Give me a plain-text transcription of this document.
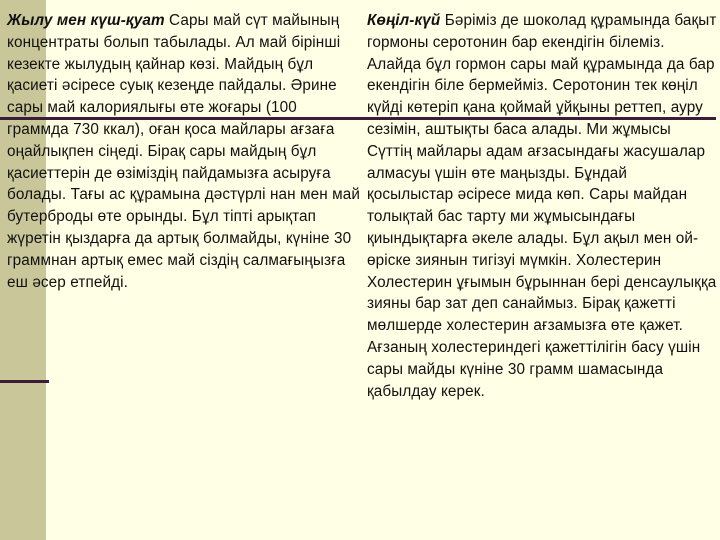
Жылу мен күш-қуат Сары май сүт майының концентраты болып табылады. Ал май бірінші кезекте жылудың қайнар көзі. Майдың бұл қасиеті әсіресе суық кезеңде пайдалы. Әрине сары май калориялығы өте жоғары (100 граммда 730 ккал), оған қоса майлары ағзаға оңайлықпен сіңеді. Бірақ сары майдың бұл қасиеттерін де өзіміздің пайдамызға асыруға болады. Тағы ас құрамына дәстүрлі нан мен май бутерброды өте орынды. Бұл тіпті арықтап жүретін қыздарға да артық болмайды, күніне 30 граммнан артық емес май сіздің салмағыңызға еш әсер етпейді.
Көңіл-күй Бәріміз де шоколад құрамында бақыт гормоны серотонин бар екендігін білеміз. Алайда бұл гормон сары май құрамында да бар екендігін біле бермейміз. Серотонин тек көңіл күйді көтеріп қана қоймай ұйқыны реттеп, ауру сезімін, аштықты баса алады. Ми жұмысы Сүттің майлары адам ағзасындағы жасушалар алмасуы үшін өте маңызды. Бұндай қосылыстар әсіресе мида көп. Сары майдан толықтай бас тарту ми жұмысындағы қиындықтарға әкеле алады. Бұл ақыл мен ой-өріске зиянын тигізуі мүмкін. Холестерин Холестерин ұғымын бұрыннан бері денсаулыққа зияны бар зат деп санаймыз. Бірақ қажетті мөлшерде холестерин ағзамызға өте қажет. Ағзаның холестериндегі қажеттілігін басу үшін сары майды күніне 30 грамм шамасында қабылдау керек.
